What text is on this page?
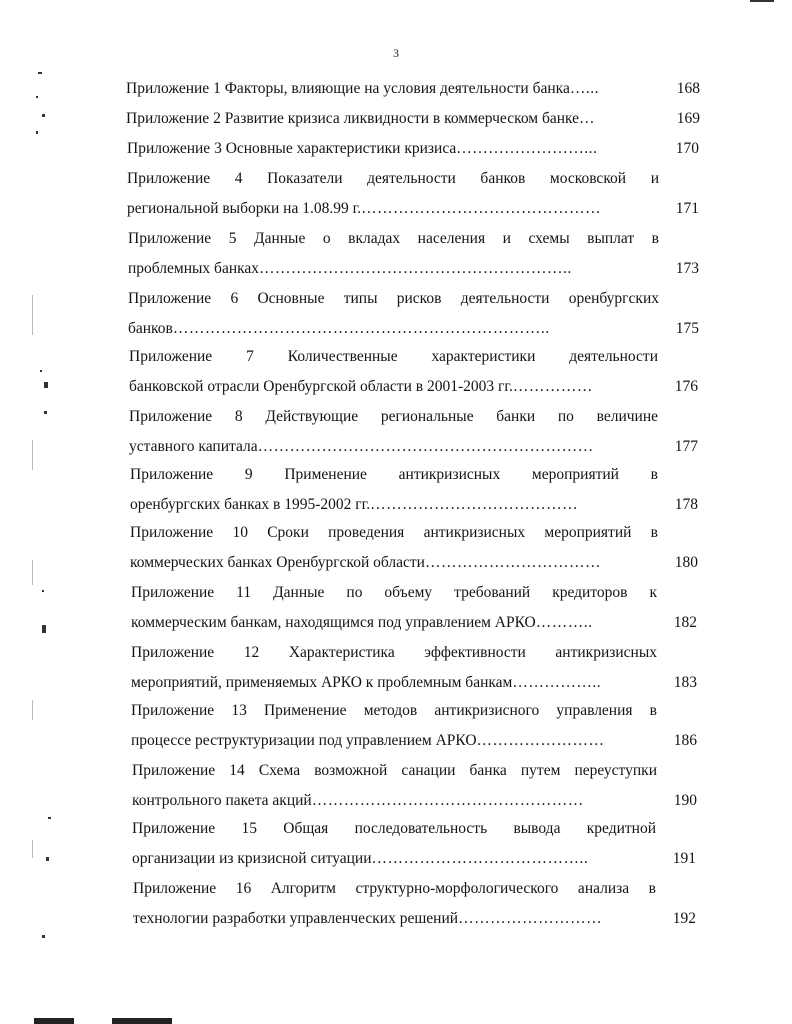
3
Приложение 1 Факторы, влияющие на условия деятельности банка …...	168
Приложение 2 Развитие кризиса ликвидности в коммерческом банке …	169
Приложение 3 Основные характеристики кризиса ……………………...	170
Приложение 4 Показатели деятельности банков московской и
региональной выборки на 1.08.99 г. ………………………………………	171
Приложение 5 Данные о вкладах населения и схемы выплат в
проблемных банках …………………………………………………..	173
Приложение 6 Основные типы рисков деятельности оренбургских
банков ……………………………………………………………..	175
Приложение 7 Количественные характеристики деятельности
банковской отрасли Оренбургской области в 2001-2003 гг. ……………	176
Приложение 8 Действующие региональные банки по величине
уставного капитала ………………………………………………………	177
Приложение 9 Применение антикризисных мероприятий в
оренбургских банках в 1995-2002 гг. …………………………………	178
Приложение 10 Сроки проведения антикризисных мероприятий в
коммерческих банках Оренбургской области ……………………………	180
Приложение 11 Данные по объему требований кредиторов к
коммерческим банкам, находящимся под управлением АРКО ………..	182
Приложение 12 Характеристика эффективности антикризисных
мероприятий, применяемых АРКО к проблемным банкам ……………..	183
Приложение 13 Применение методов антикризисного управления в
процессе реструктуризации под управлением АРКО ……………………	186
Приложение 14 Схема возможной санации банка путем переуступки
контрольного пакета акций ……………………………………………	190
Приложение 15 Общая последовательность вывода кредитной
организации из кризисной ситуации …………………………………..	191
Приложение 16 Алгоритм структурно-морфологического анализа в
технологии разработки управленческих решений ………………………	192
